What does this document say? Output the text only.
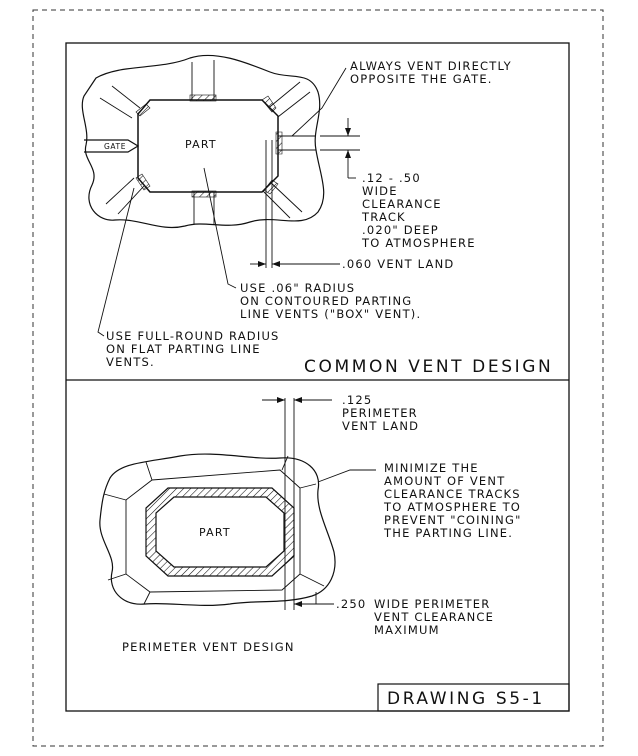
GATE	PART
ALWAYS VENT DIRECTLY OPPOSITE THE GATE.
.12 - .50 WIDE CLEARANCE TRACK .020" DEEP TO ATMOSPHERE
.060 VENT LAND
USE .06" RADIUS ON CONTOURED PARTING LINE VENTS ("BOX" VENT).
USE FULL-ROUND RADIUS ON FLAT PARTING LINE VENTS.	COMMON VENT DESIGN
PART
.125 PERIMETER VENT LAND
MINIMIZE THE AMOUNT OF VENT CLEARANCE TRACKS TO ATMOSPHERE TO PREVENT "COINING" THE PARTING LINE.
.250 WIDE PERIMETER VENT CLEARANCE MAXIMUM
PERIMETER VENT DESIGN
DRAWING S5-1
